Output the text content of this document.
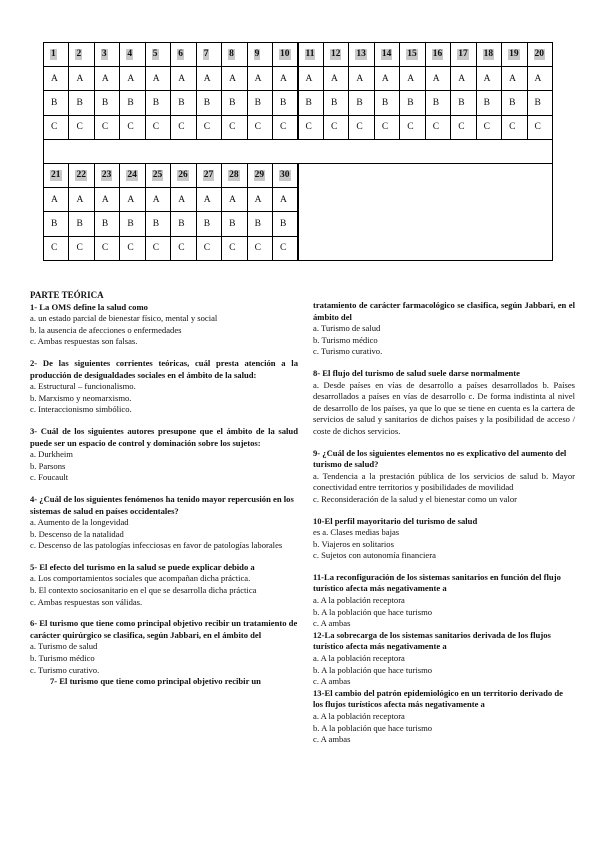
1
A
B
C
2
A
B
C
3
A
B
C
4
A
B
C
5
A
B
C
6
A
B
C
7
A
B
C
8
A
B
C
9
A
B
C
10
A
B
C
11
A
B
C
12
A
B
C
13
A
B
C
14
A
B
C
15
A
B
C
16
A
B
C
17
A
B
C
18
A
B
C
19
A
B
C
20
A
B
C
21
A
B
C
22
A
B
C
23
A
B
C
24
A
B
C
25
A
B
C
26
A
B
C
27
A
B
C
28
A
B
C
29
A
B
C
30
A
B
C

PARTE TEÓRICA

1- La OMS define la salud como

a. un estado parcial de bienestar físico, mental y social

b. la ausencia de afecciones o enfermedades

c. Ambas respuestas son falsas.

2- De las siguientes corrientes teóricas, cuál presta atención a la producción de desigualdades sociales en el ámbito de la salud:

a. Estructural – funcionalismo.

b. Marxismo y neomarxismo.

c. Interaccionismo simbólico.

3- Cuál de los siguientes autores presupone que el ámbito de la salud puede ser un espacio de control y dominación sobre los sujetos:

a. Durkheim

b. Parsons

c. Foucault

4- ¿Cuál de los siguientes fenómenos ha tenido mayor repercusión en los sistemas de salud en países occidentales?

a. Aumento de la longevidad

b. Descenso de la natalidad

c. Descenso de las patologías infecciosas en favor de patologías laborales

5- El efecto del turismo en la salud se puede explicar debido a

a. Los comportamientos sociales que acompañan dicha práctica.

b. El contexto sociosanitario en el que se desarrolla dicha práctica

c. Ambas respuestas son válidas.

6- El turismo que tiene como principal objetivo recibir un tratamiento de carácter quirúrgico se clasifica, según Jabbari, en el ámbito del

a. Turismo de salud

b. Turismo médico

c. Turismo curativo.

7- El turismo que tiene como principal objetivo recibir un

tratamiento de carácter farmacológico se clasifica, según Jabbari, en el ámbito del

a. Turismo de salud

b. Turismo médico

c. Turismo curativo.

8- El flujo del turismo de salud suele darse normalmente

a. Desde países en vías de desarrollo a países desarrollados b. Países desarrollados a países en vías de desarrollo c. De forma indistinta al nivel de desarrollo de los países, ya que lo que se tiene en cuenta es la cartera de servicios de salud y sanitarios de dichos países y la posibilidad de acceso / coste de dichos servicios.

9- ¿Cuál de los siguientes elementos no es explicativo del aumento del turismo de salud?

a. Tendencia a la prestación pública de los servicios de salud b. Mayor conectividad entre territorios y posibilidades de movilidad

c. Reconsideración de la salud y el bienestar como un valor

10-El perfil mayoritario del turismo de salud

es a. Clases medias bajas

b. Viajeros en solitarios

c. Sujetos con autonomía financiera

11-La reconfiguración de los sistemas sanitarios en función del flujo turístico afecta más negativamente a

a. A la población receptora

b. A la población que hace turismo

c. A ambas

12-La sobrecarga de los sistemas sanitarios derivada de los flujos turístico afecta más negativamente a

a. A la población receptora

b. A la población que hace turismo

c. A ambas

13-El cambio del patrón epidemiológico en un territorio derivado de los flujos turísticos afecta más negativamente a

a. A la población receptora

b. A la población que hace turismo

c. A ambas
